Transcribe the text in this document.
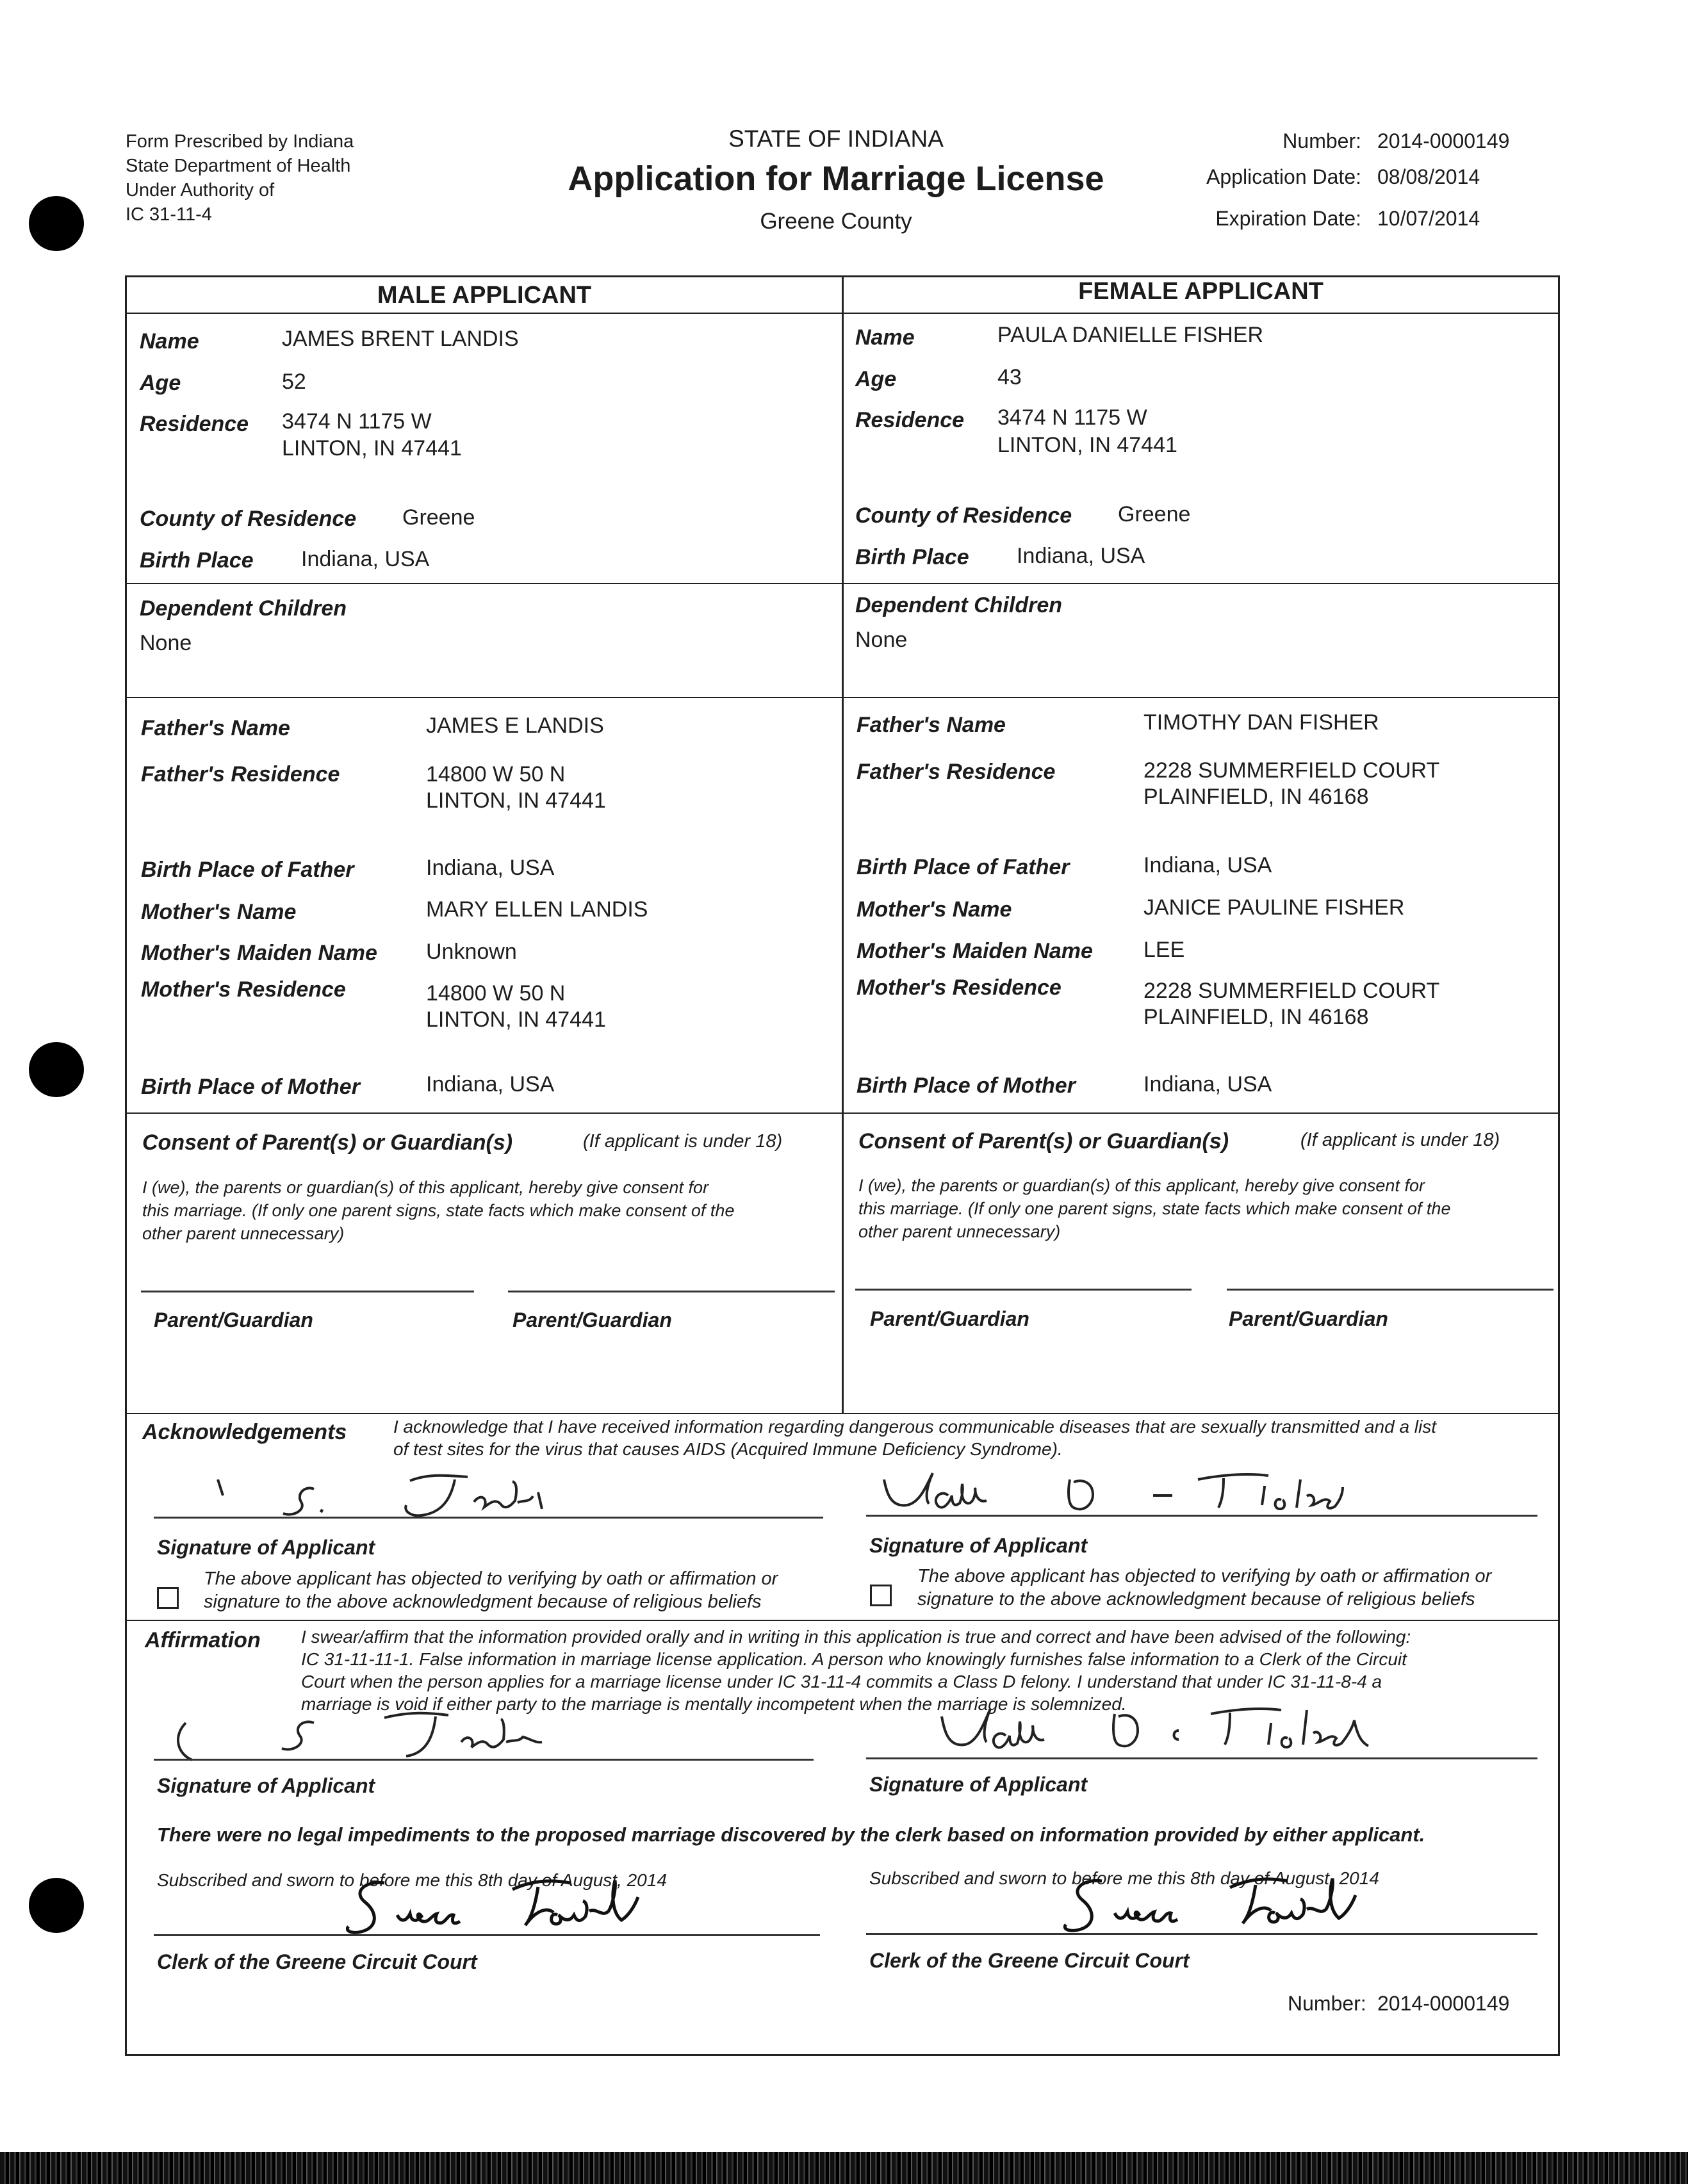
Form Prescribed by Indiana
State Department of Health
Under Authority of
IC 31-11-4
STATE OF INDIANA
Application for Marriage License
Greene County
Number: 2014-0000149
Application Date: 08/08/2014
Expiration Date: 10/07/2014
MALE APPLICANT	FEMALE APPLICANT
Name	JAMES BRENT LANDIS
Age	52
Residence 3474 N 1175 W
LINTON, IN 47441
County of Residence Greene
Birth Place Indiana, USA
Dependent Children
None
Father's Name	JAMES E LANDIS
Father's Residence	14800 W 50 N
LINTON, IN 47441
Birth Place of Father	Indiana, USA
Mother's Name	MARY ELLEN LANDIS
Mother's Maiden Name Unknown
Mother's Residence	14800 W 50 N
LINTON, IN 47441
Birth Place of Mother	Indiana, USA
Name	PAULA DANIELLE FISHER
Age	43
Residence 3474 N 1175 W
LINTON, IN 47441
County of Residence Greene
Birth Place Indiana, USA
Dependent Children
None
Father's Name	TIMOTHY DAN FISHER
Father's Residence	2228 SUMMERFIELD COURT
PLAINFIELD, IN 46168
Birth Place of Father	Indiana, USA
Mother's Name	JANICE PAULINE FISHER
Mother's Maiden Name LEE
Mother's Residence	2228 SUMMERFIELD COURT
PLAINFIELD, IN 46168
Birth Place of Mother	Indiana, USA
Consent of Parent(s) or Guardian(s)	(If applicant is under 18)
I (we), the parents or guardian(s) of this applicant, hereby give consent for
this marriage. (If only one parent signs, state facts which make consent of the
other parent unnecessary)
Parent/Guardian	Parent/Guardian
Consent of Parent(s) or Guardian(s)	(If applicant is under 18)
I (we), the parents or guardian(s) of this applicant, hereby give consent for
this marriage. (If only one parent signs, state facts which make consent of the
other parent unnecessary)
Parent/Guardian	Parent/Guardian
Acknowledgements	I acknowledge that I have received information regarding dangerous communicable diseases that are sexually transmitted and a list
of test sites for the virus that causes AIDS (Acquired Immune Deficiency Syndrome).
Signature of Applicant
The above applicant has objected to verifying by oath or affirmation or
signature to the above acknowledgment because of religious beliefs
Signature of Applicant
The above applicant has objected to verifying by oath or affirmation or
signature to the above acknowledgment because of religious beliefs
Affirmation I swear/affirm that the information provided orally and in writing in this application is true and correct and have been advised of the following:
IC 31-11-11-1. False information in marriage license application. A person who knowingly furnishes false information to a Clerk of the Circuit
Court when the person applies for a marriage license under IC 31-11-4 commits a Class D felony. I understand that under IC 31-11-8-4 a
marriage is void if either party to the marriage is mentally incompetent when the marriage is solemnized.
Signature of Applicant	Signature of Applicant
There were no legal impediments to the proposed marriage discovered by the clerk based on information provided by either applicant.
Subscribed and sworn to before me this 8th day of August, 2014
Clerk of the Greene Circuit Court
Subscribed and sworn to before me this 8th day of August, 2014
Clerk of the Greene Circuit Court
Number: 2014-0000149
